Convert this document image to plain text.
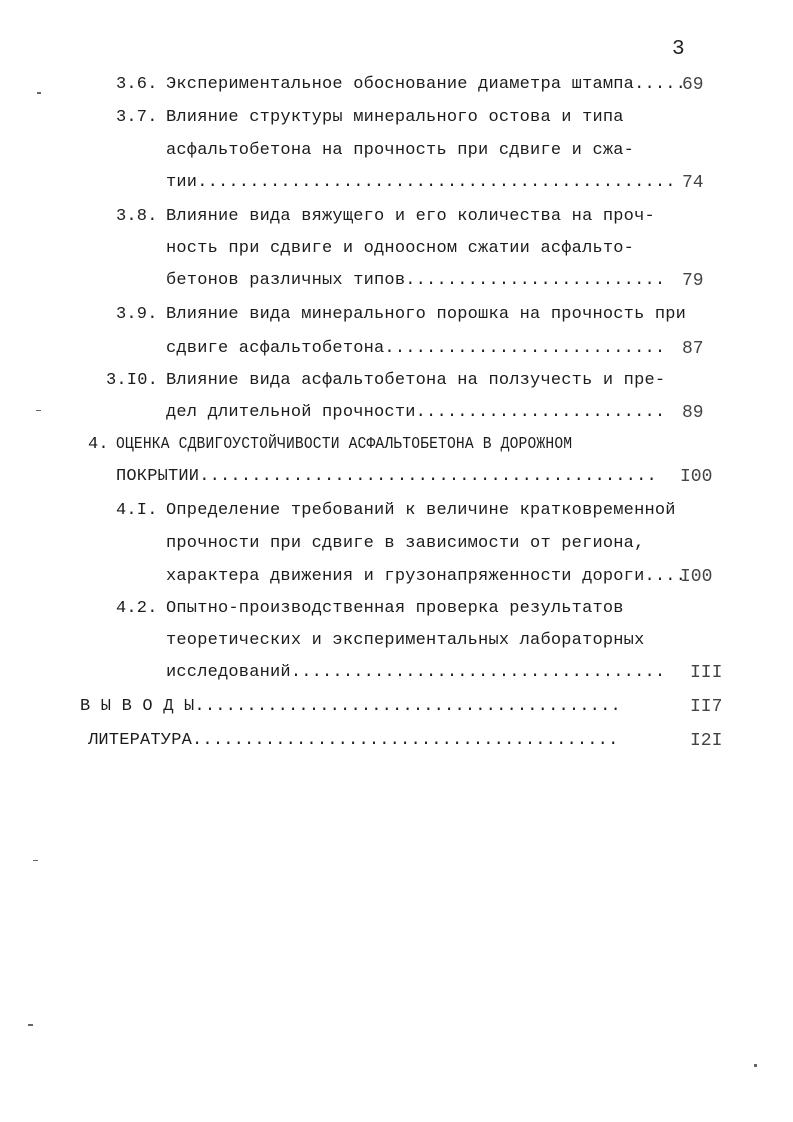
3
3.6. Экспериментальное обоснование диаметра штампа.....
69
3.7. Влияние структуры минерального остова и типа
асфальтобетона на прочность при сдвиге и сжа-
тии.............................................. 74
3.8. Влияние вида вяжущего и его количества на проч-
ность при сдвиге и одноосном сжатии асфальто-
бетонов различных типов......................... 79
3.9. Влияние вида минерального порошка на прочность при
сдвиге асфальтобетона........................... 87
3.I0. Влияние вида асфальтобетона на ползучесть и пре-
дел длительной прочности........................ 89
4. ОЦЕНКА СДВИГОУСТОЙЧИВОСТИ АСФАЛЬТОБЕТОНА В ДОРОЖНОМ
ПОКРЫТИИ............................................ I00
4.I. Определение требований к величине кратковременной
прочности при сдвиге в зависимости от региона,
характера движения и грузонапряженности дороги....
I00
4.2. Опытно-производственная проверка результатов
теоретических и экспериментальных лабораторных
исследований.................................... III
В Ы В О Д Ы.........................................	II7
ЛИТЕРАТУРА.........................................	I2I
